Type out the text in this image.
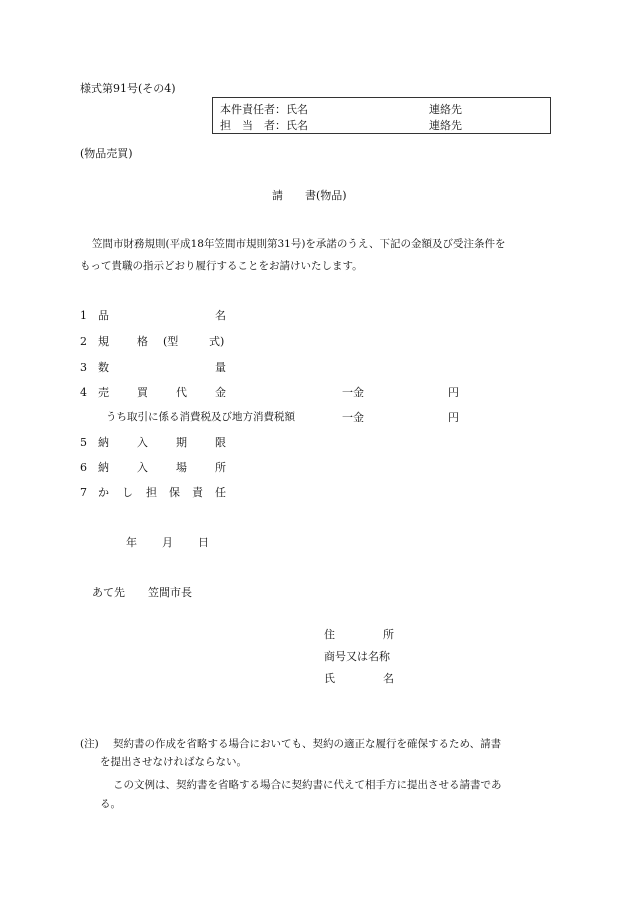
様式第91号(その4)
本件責任者：氏名	連絡先
担　当　者：氏名	連絡先
(物品売買)
請　　書(物品)
笠間市財務規則(平成18年笠間市規則第31号)を承諾のうえ、下記の金額及び受注条件を
もって貴職の指示どおり履行することをお請けいたします。
1 品	名
2 規	格 (型	式)
3 数	量
4 売	買	代	金	一金	円
うち取引に係る消費税及び地方消費税額	一金	円
5 納	入	期	限
6 納	入	場	所
7 か し 担 保 責 任
年 月 日
あて先 笠間市長
住	所
商号又は名称
氏	名
(注) 契約書の作成を省略する場合においても、契約の適正な履行を確保するため、請書
を提出させなければならない。
この文例は、契約書を省略する場合に契約書に代えて相手方に提出させる請書であ
る。
